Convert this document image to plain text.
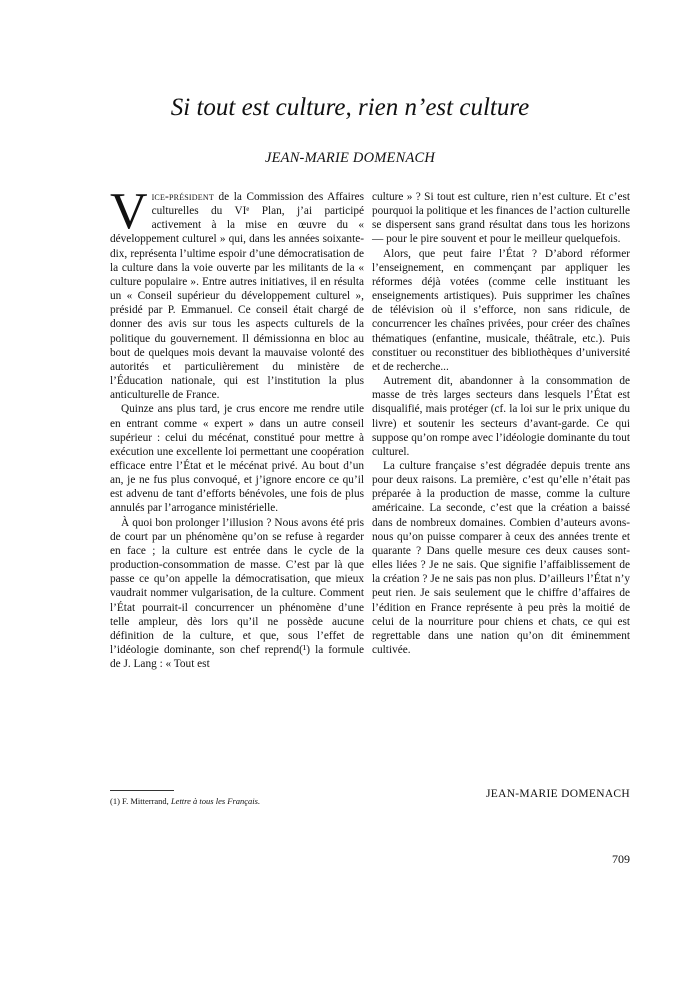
Si tout est culture, rien n’est culture
JEAN-MARIE DOMENACH

Vice-président de la Commission des Affaires culturelles du VIᵉ Plan, j’ai participé activement à la mise en œuvre du « développement culturel » qui, dans les années soixante-dix, représenta l’ultime espoir d’une démocratisation de la culture dans la voie ouverte par les militants de la « culture populaire ». Entre autres initiatives, il en résulta un « Conseil supérieur du développement culturel », présidé par P. Emmanuel. Ce conseil était chargé de donner des avis sur tous les aspects culturels de la politique du gouvernement. Il démissionna en bloc au bout de quelques mois devant la mauvaise volonté des autorités et particulièrement du ministère de l’Éducation nationale, qui est l’institution la plus anticulturelle de France.

Quinze ans plus tard, je crus encore me rendre utile en entrant comme « expert » dans un autre conseil supérieur : celui du mécénat, constitué pour mettre à exécution une excellente loi permettant une coopération efficace entre l’État et le mécénat privé. Au bout d’un an, je ne fus plus convoqué, et j’ignore encore ce qu’il est advenu de tant d’efforts bénévoles, une fois de plus annulés par l’arrogance ministérielle.

À quoi bon prolonger l’illusion ? Nous avons été pris de court par un phénomène qu’on se refuse à regarder en face ; la culture est entrée dans le cycle de la production-consommation de masse. C’est par là que passe ce qu’on appelle la démocratisation, que mieux vaudrait nommer vulgarisation, de la culture. Comment l’État pourrait-il concurrencer un phénomène d’une telle ampleur, dès lors qu’il ne possède aucune définition de la culture, et que, sous l’effet de l’idéologie dominante, son chef reprend(¹) la formule de J. Lang : « Tout est

culture » ? Si tout est culture, rien n’est culture. Et c’est pourquoi la politique et les finances de l’action culturelle se dispersent sans grand résultat dans tous les horizons — pour le pire souvent et pour le meilleur quelquefois.

Alors, que peut faire l’État ? D’abord réformer l’enseignement, en commençant par appliquer les réformes déjà votées (comme celle instituant les enseignements artistiques). Puis supprimer les chaînes de télévision où il s’efforce, non sans ridicule, de concurrencer les chaînes privées, pour créer des chaînes thématiques (enfantine, musicale, théâtrale, etc.). Puis constituer ou reconstituer des bibliothèques d’université et de recherche...

Autrement dit, abandonner à la consommation de masse de très larges secteurs dans lesquels l’État est disqualifié, mais protéger (cf. la loi sur le prix unique du livre) et soutenir les secteurs d’avant-garde. Ce qui suppose qu’on rompe avec l’idéologie dominante du tout culturel.

La culture française s’est dégradée depuis trente ans pour deux raisons. La première, c’est qu’elle n’était pas préparée à la production de masse, comme la culture américaine. La seconde, c’est que la création a baissé dans de nombreux domaines. Combien d’auteurs avons-nous qu’on puisse comparer à ceux des années trente et quarante ? Dans quelle mesure ces deux causes sont-elles liées ? Je ne sais. Que signifie l’affaiblissement de la création ? Je ne sais pas non plus. D’ailleurs l’État n’y peut rien. Je sais seulement que le chiffre d’affaires de l’édition en France représente à peu près la moitié de celui de la nourriture pour chiens et chats, ce qui est regrettable dans une nation qu’on dit éminemment cultivée.

(1) F. Mitterrand, Lettre à tous les Français.
JEAN-MARIE DOMENACH
709
